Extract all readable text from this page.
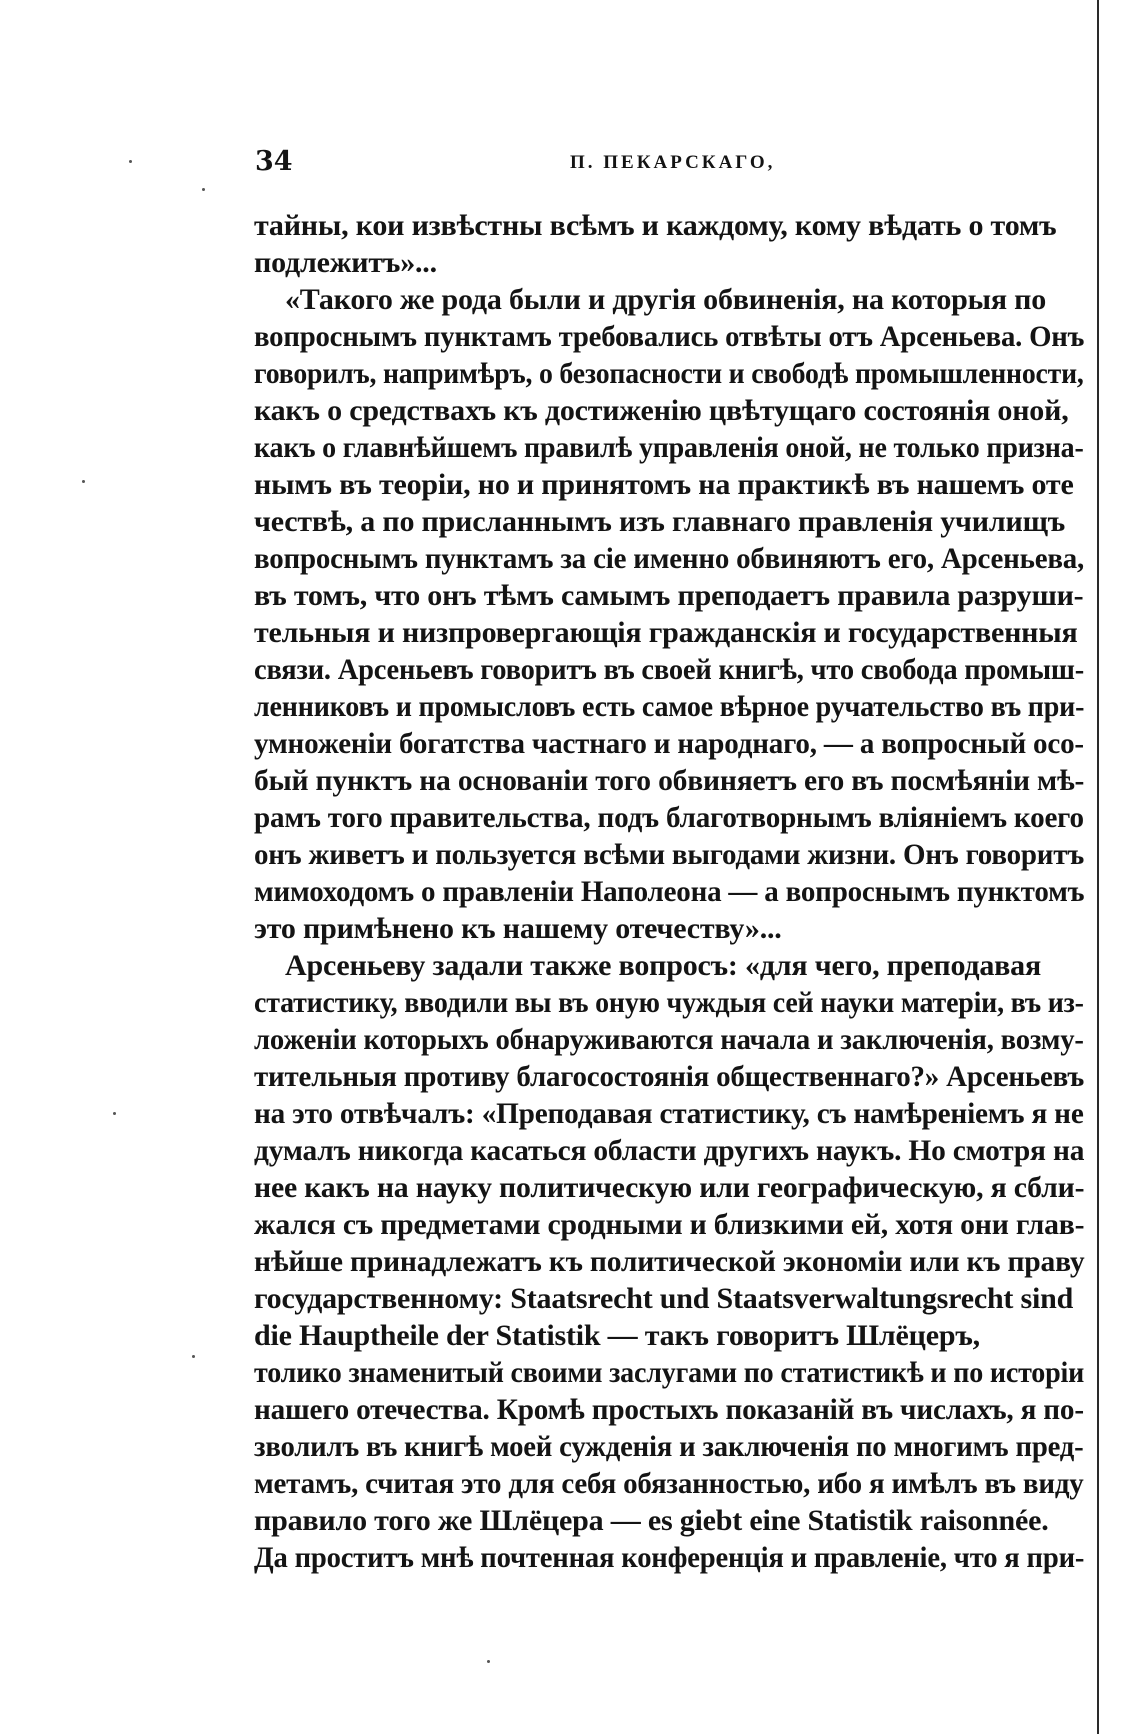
34	П. ПЕКАРСКАГО,
тайны, кои извѣстны всѣмъ и каждому, кому вѣдать о томъ
подлежитъ»...
«Такого же рода были и другія обвиненія, на которыя по
вопроснымъ пунктамъ требовались отвѣты отъ Арсеньева. Онъ
говорилъ, напримѣръ, о безопасности и свободѣ промышленности,
какъ о средствахъ къ достиженію цвѣтущаго состоянія оной,
какъ о главнѣйшемъ правилѣ управленія оной, не только призна-
нымъ въ теоріи, но и принятомъ на практикѣ въ нашемъ оте
чествѣ, а по присланнымъ изъ главнаго правленія училищъ
вопроснымъ пунктамъ за сіе именно обвиняютъ его, Арсеньева,
въ томъ, что онъ тѣмъ самымъ преподаетъ правила разруши-
тельныя и низпровергающія гражданскія и государственныя
связи. Арсеньевъ говоритъ въ своей книгѣ, что свобода промыш-
ленниковъ и промысловъ есть самое вѣрное ручательство въ при-
умноженіи богатства частнаго и народнаго, — а вопросный осо-
бый пунктъ на основаніи того обвиняетъ его въ посмѣяніи мѣ-
рамъ того правительства, подъ благотворнымъ вліяніемъ коего
онъ живетъ и пользуется всѣми выгодами жизни. Онъ говоритъ
мимоходомъ о правленіи Наполеона — а вопроснымъ пунктомъ
это примѣнено къ нашему отечеству»...
Арсеньеву задали также вопросъ: «для чего, преподавая
статистику, вводили вы въ оную чуждыя сей науки матеріи, въ из-
ложеніи которыхъ обнаруживаются начала и заключенія, возму-
тительныя противу благосостоянія общественнаго?» Арсеньевъ
на это отвѣчалъ: «Преподавая статистику, съ намѣреніемъ я не
думалъ никогда касаться области другихъ наукъ. Но смотря на
нее какъ на науку политическую или географическую, я сбли-
жался съ предметами сродными и близкими ей, хотя они глав-
нѣйше принадлежатъ къ политической экономіи или къ праву
государственному: Staatsrecht und Staatsverwaltungsrecht sind
die Hauptheile der Statistik — такъ говоритъ Шлёцеръ,
толико знаменитый своими заслугами по статистикѣ и по исторіи
нашего отечества. Кромѣ простыхъ показаній въ числахъ, я по-
зволилъ въ книгѣ моей сужденія и заключенія по многимъ пред-
метамъ, считая это для себя обязанностью, ибо я имѣлъ въ виду
правило того же Шлёцера — es giebt eine Statistik raisonnée.
Да проститъ мнѣ почтенная конференція и правленіе, что я при-
